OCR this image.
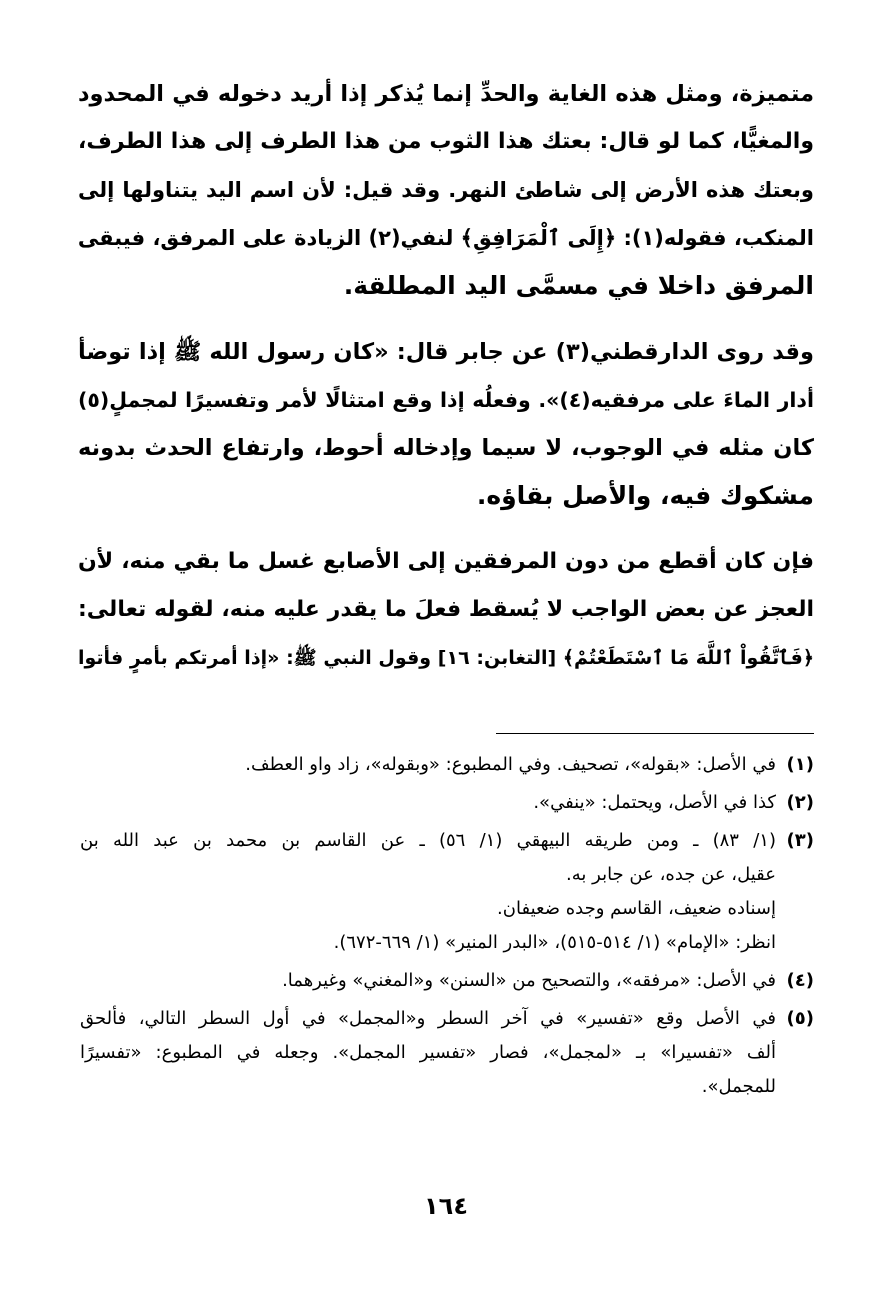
متميزة، ومثل هذه الغاية والحدِّ إنما يُذكر إذا أريد دخوله في المحدود
والمغيًّا، كما لو قال: بعتك هذا الثوب من هذا الطرف إلى هذا الطرف،
وبعتك هذه الأرض إلى شاطئ النهر. وقد قيل: لأن اسم اليد يتناولها إلى
المنكب، فقوله(١): ﴿إِلَى ٱلْمَرَافِقِ﴾ لنفي(٢) الزيادة على المرفق، فيبقى
المرفق داخلا في مسمَّى اليد المطلقة.
وقد روى الدارقطني(٣) عن جابر قال: «كان رسول الله ﷺ إذا توضأ
أدار الماءَ على مرفقيه(٤)». وفعلُه إذا وقع امتثالًا لأمر وتفسيرًا لمجملٍ(٥)
كان مثله في الوجوب، لا سيما وإدخاله أحوط، وارتفاع الحدث بدونه
مشكوك فيه، والأصل بقاؤه.
فإن كان أقطع من دون المرفقين إلى الأصابع غسل ما بقي منه، لأن
العجز عن بعض الواجب لا يُسقط فعلَ ما يقدر عليه منه، لقوله تعالى:
﴿فَٱتَّقُواْ ٱللَّهَ مَا ٱسْتَطَعْتُمْ﴾ [التغابن: ١٦] وقول النبي ﷺ: «إذا أمرتكم بأمرٍ فأتوا
(١)
في الأصل: «بقوله»، تصحيف. وفي المطبوع: «وبقوله»، زاد واو العطف.
(٢)
كذا في الأصل، ويحتمل: «ينفي».
(٣)
(١/ ٨٣) ـ ومن طريقه البيهقي (١/ ٥٦) ـ عن القاسم بن محمد بن عبد الله بن
عقيل، عن جده، عن جابر به.
إسناده ضعيف، القاسم وجده ضعيفان.
انظر: «الإمام» (١/ ٥١٤-٥١٥)، «البدر المنير» (١/ ٦٦٩-٦٧٢).
(٤)
في الأصل: «مرفقه»، والتصحيح من «السنن» و«المغني» وغيرهما.
(٥)
في الأصل وقع «تفسير» في آخر السطر و«المجمل» في أول السطر التالي، فألحق
ألف «تفسيرا» بـ «لمجمل»، فصار «تفسير المجمل». وجعله في المطبوع: «تفسيرًا
للمجمل».
١٦٤
